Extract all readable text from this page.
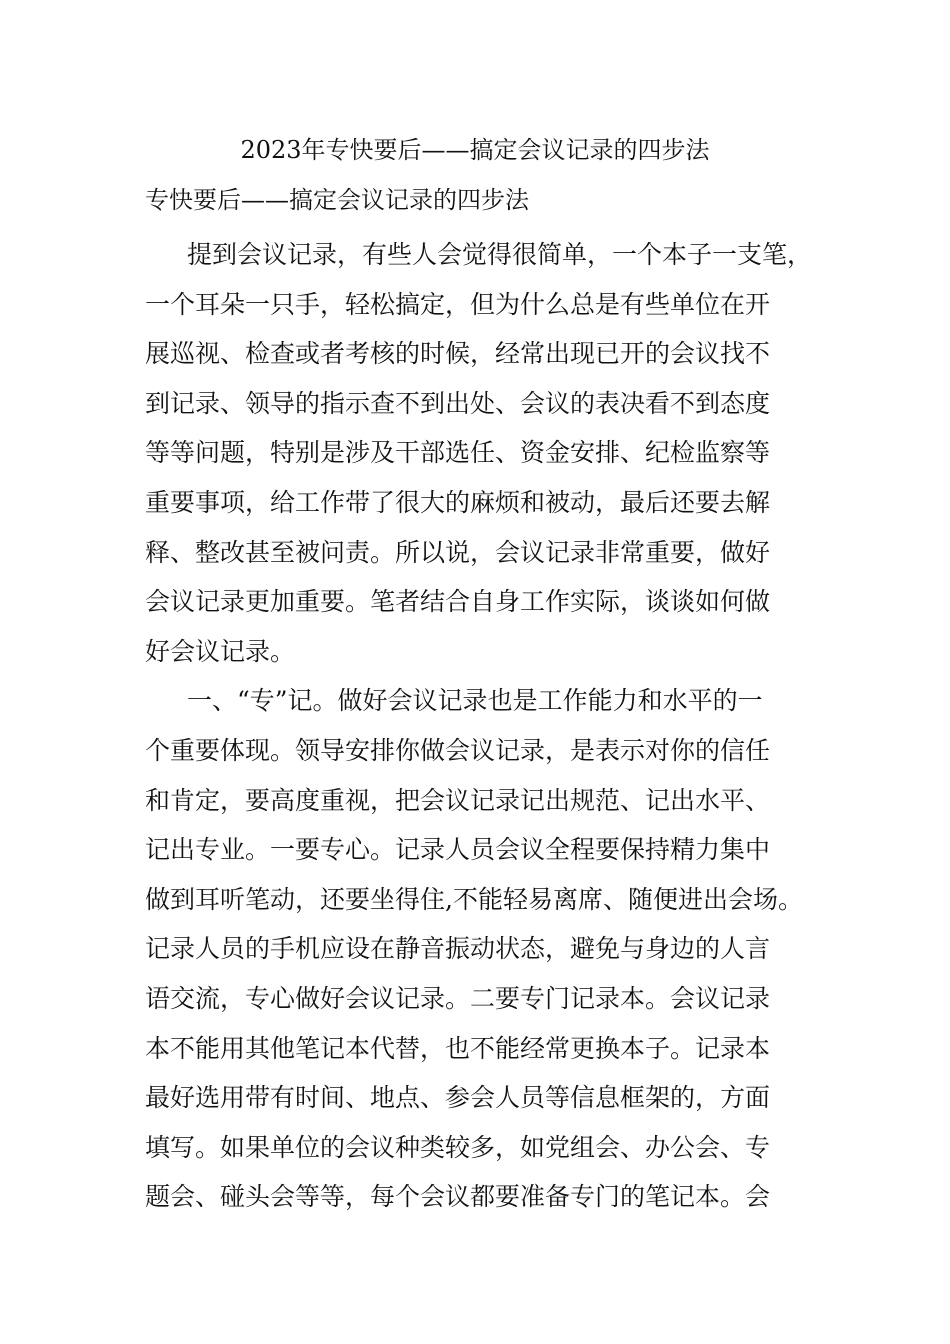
2023年专快要后——搞定会议记录的四步法
专快要后——搞定会议记录的四步法
提到会议记录，有些人会觉得很简单，一个本子一支笔，
一个耳朵一只手，轻松搞定，但为什么总是有些单位在开
展巡视、检查或者考核的时候，经常出现已开的会议找不
到记录、领导的指示查不到出处、会议的表决看不到态度
等等问题，特别是涉及干部选任、资金安排、纪检监察等
重要事项，给工作带了很大的麻烦和被动，最后还要去解
释、整改甚至被问责。所以说，会议记录非常重要，做好
会议记录更加重要。笔者结合自身工作实际，谈谈如何做
好会议记录。
一、“专”记。做好会议记录也是工作能力和水平的一
个重要体现。领导安排你做会议记录，是表示对你的信任
和肯定，要高度重视，把会议记录记出规范、记出水平、
记出专业。一要专心。记录人员会议全程要保持精力集中
做到耳听笔动，还要坐得住,不能轻易离席、随便进出会场。
记录人员的手机应设在静音振动状态，避免与身边的人言
语交流，专心做好会议记录。二要专门记录本。会议记录
本不能用其他笔记本代替，也不能经常更换本子。记录本
最好选用带有时间、地点、参会人员等信息框架的，方面
填写。如果单位的会议种类较多，如党组会、办公会、专
题会、碰头会等等，每个会议都要准备专门的笔记本。会
